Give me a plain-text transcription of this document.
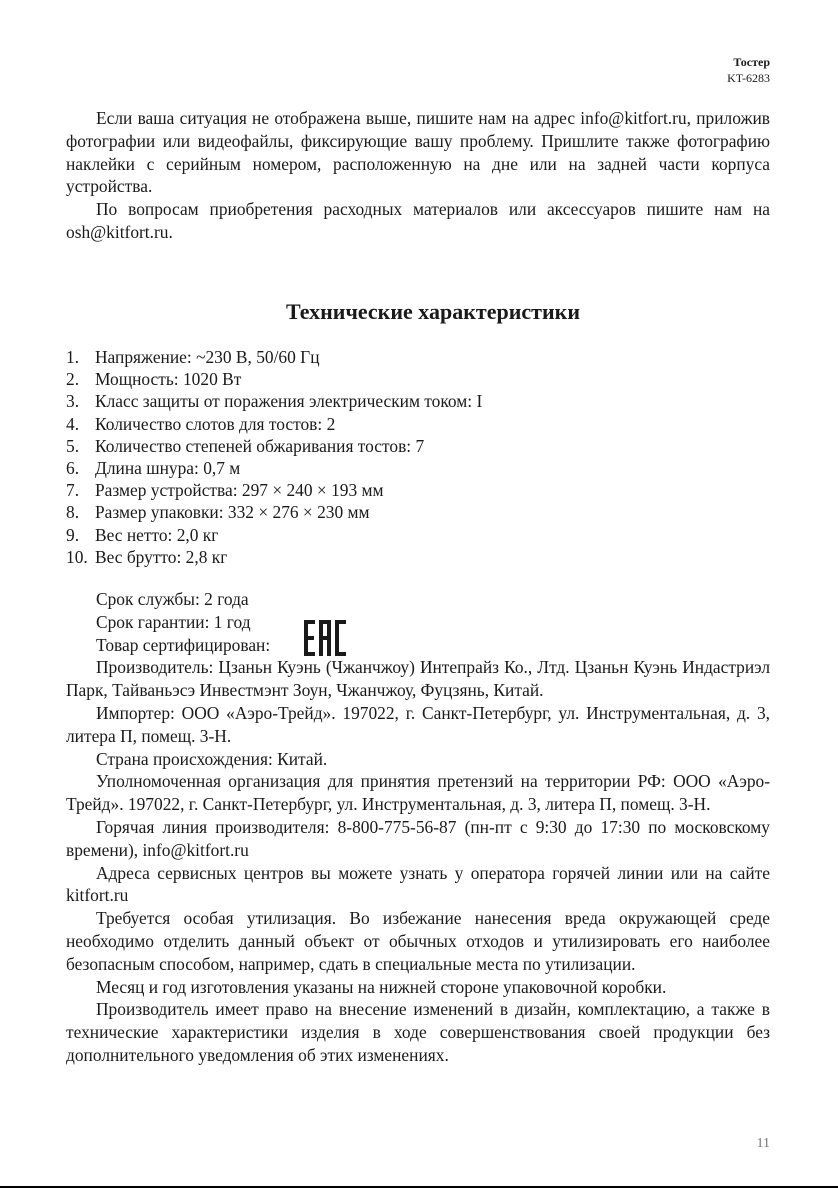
Тостер
KT-6283

Если ваша ситуация не отображена выше, пишите нам на адрес info@kitfort.ru, приложив фотографии или видеофайлы, фиксирующие вашу проблему. Пришлите также фотографию наклейки с серийным номером, расположенную на дне или на задней части корпуса устройства.

По вопросам приобретения расходных материалов или аксессуаров пишите нам на osh@kitfort.ru.

Технические характеристики
1. Напряжение: ~230 В, 50/60 Гц
2. Мощность: 1020 Вт
3. Класс защиты от поражения электрическим током: I
4. Количество слотов для тостов: 2
5. Количество степеней обжаривания тостов: 7
6. Длина шнура: 0,7 м
7. Размер устройства: 297 × 240 × 193 мм
8. Размер упаковки: 332 × 276 × 230 мм
9. Вес нетто: 2,0 кг
10. Вес брутто: 2,8 кг

Срок службы: 2 года

Срок гарантии: 1 год

Товар сертифицирован:

Производитель: Цзаньн Куэнь (Чжанчжоу) Интепрайз Ко., Лтд. Цзаньн Куэнь Индастриэл Парк, Тайваньэсэ Инвестмэнт Зоун, Чжанчжоу, Фуцзянь, Китай.

Импортер: ООО «Аэро-Трейд». 197022, г. Санкт-Петербург, ул. Инструментальная, д. 3, литера П, помещ. 3-Н.

Страна происхождения: Китай.

Уполномоченная организация для принятия претензий на территории РФ: ООО «Аэро-Трейд». 197022, г. Санкт-Петербург, ул. Инструментальная, д. 3, литера П, помещ. 3-Н.

Горячая линия производителя: 8-800-775-56-87 (пн-пт с 9:30 до 17:30 по московскому времени), info@kitfort.ru

Адреса сервисных центров вы можете узнать у оператора горячей линии или на сайте kitfort.ru

Требуется особая утилизация. Во избежание нанесения вреда окружающей среде необходимо отделить данный объект от обычных отходов и утилизировать его наиболее безопасным способом, например, сдать в специальные места по утилизации.

Месяц и год изготовления указаны на нижней стороне упаковочной коробки.

Производитель имеет право на внесение изменений в дизайн, комплектацию, а также в технические характеристики изделия в ходе совершенствования своей продукции без дополнительного уведомления об этих изменениях.

11
